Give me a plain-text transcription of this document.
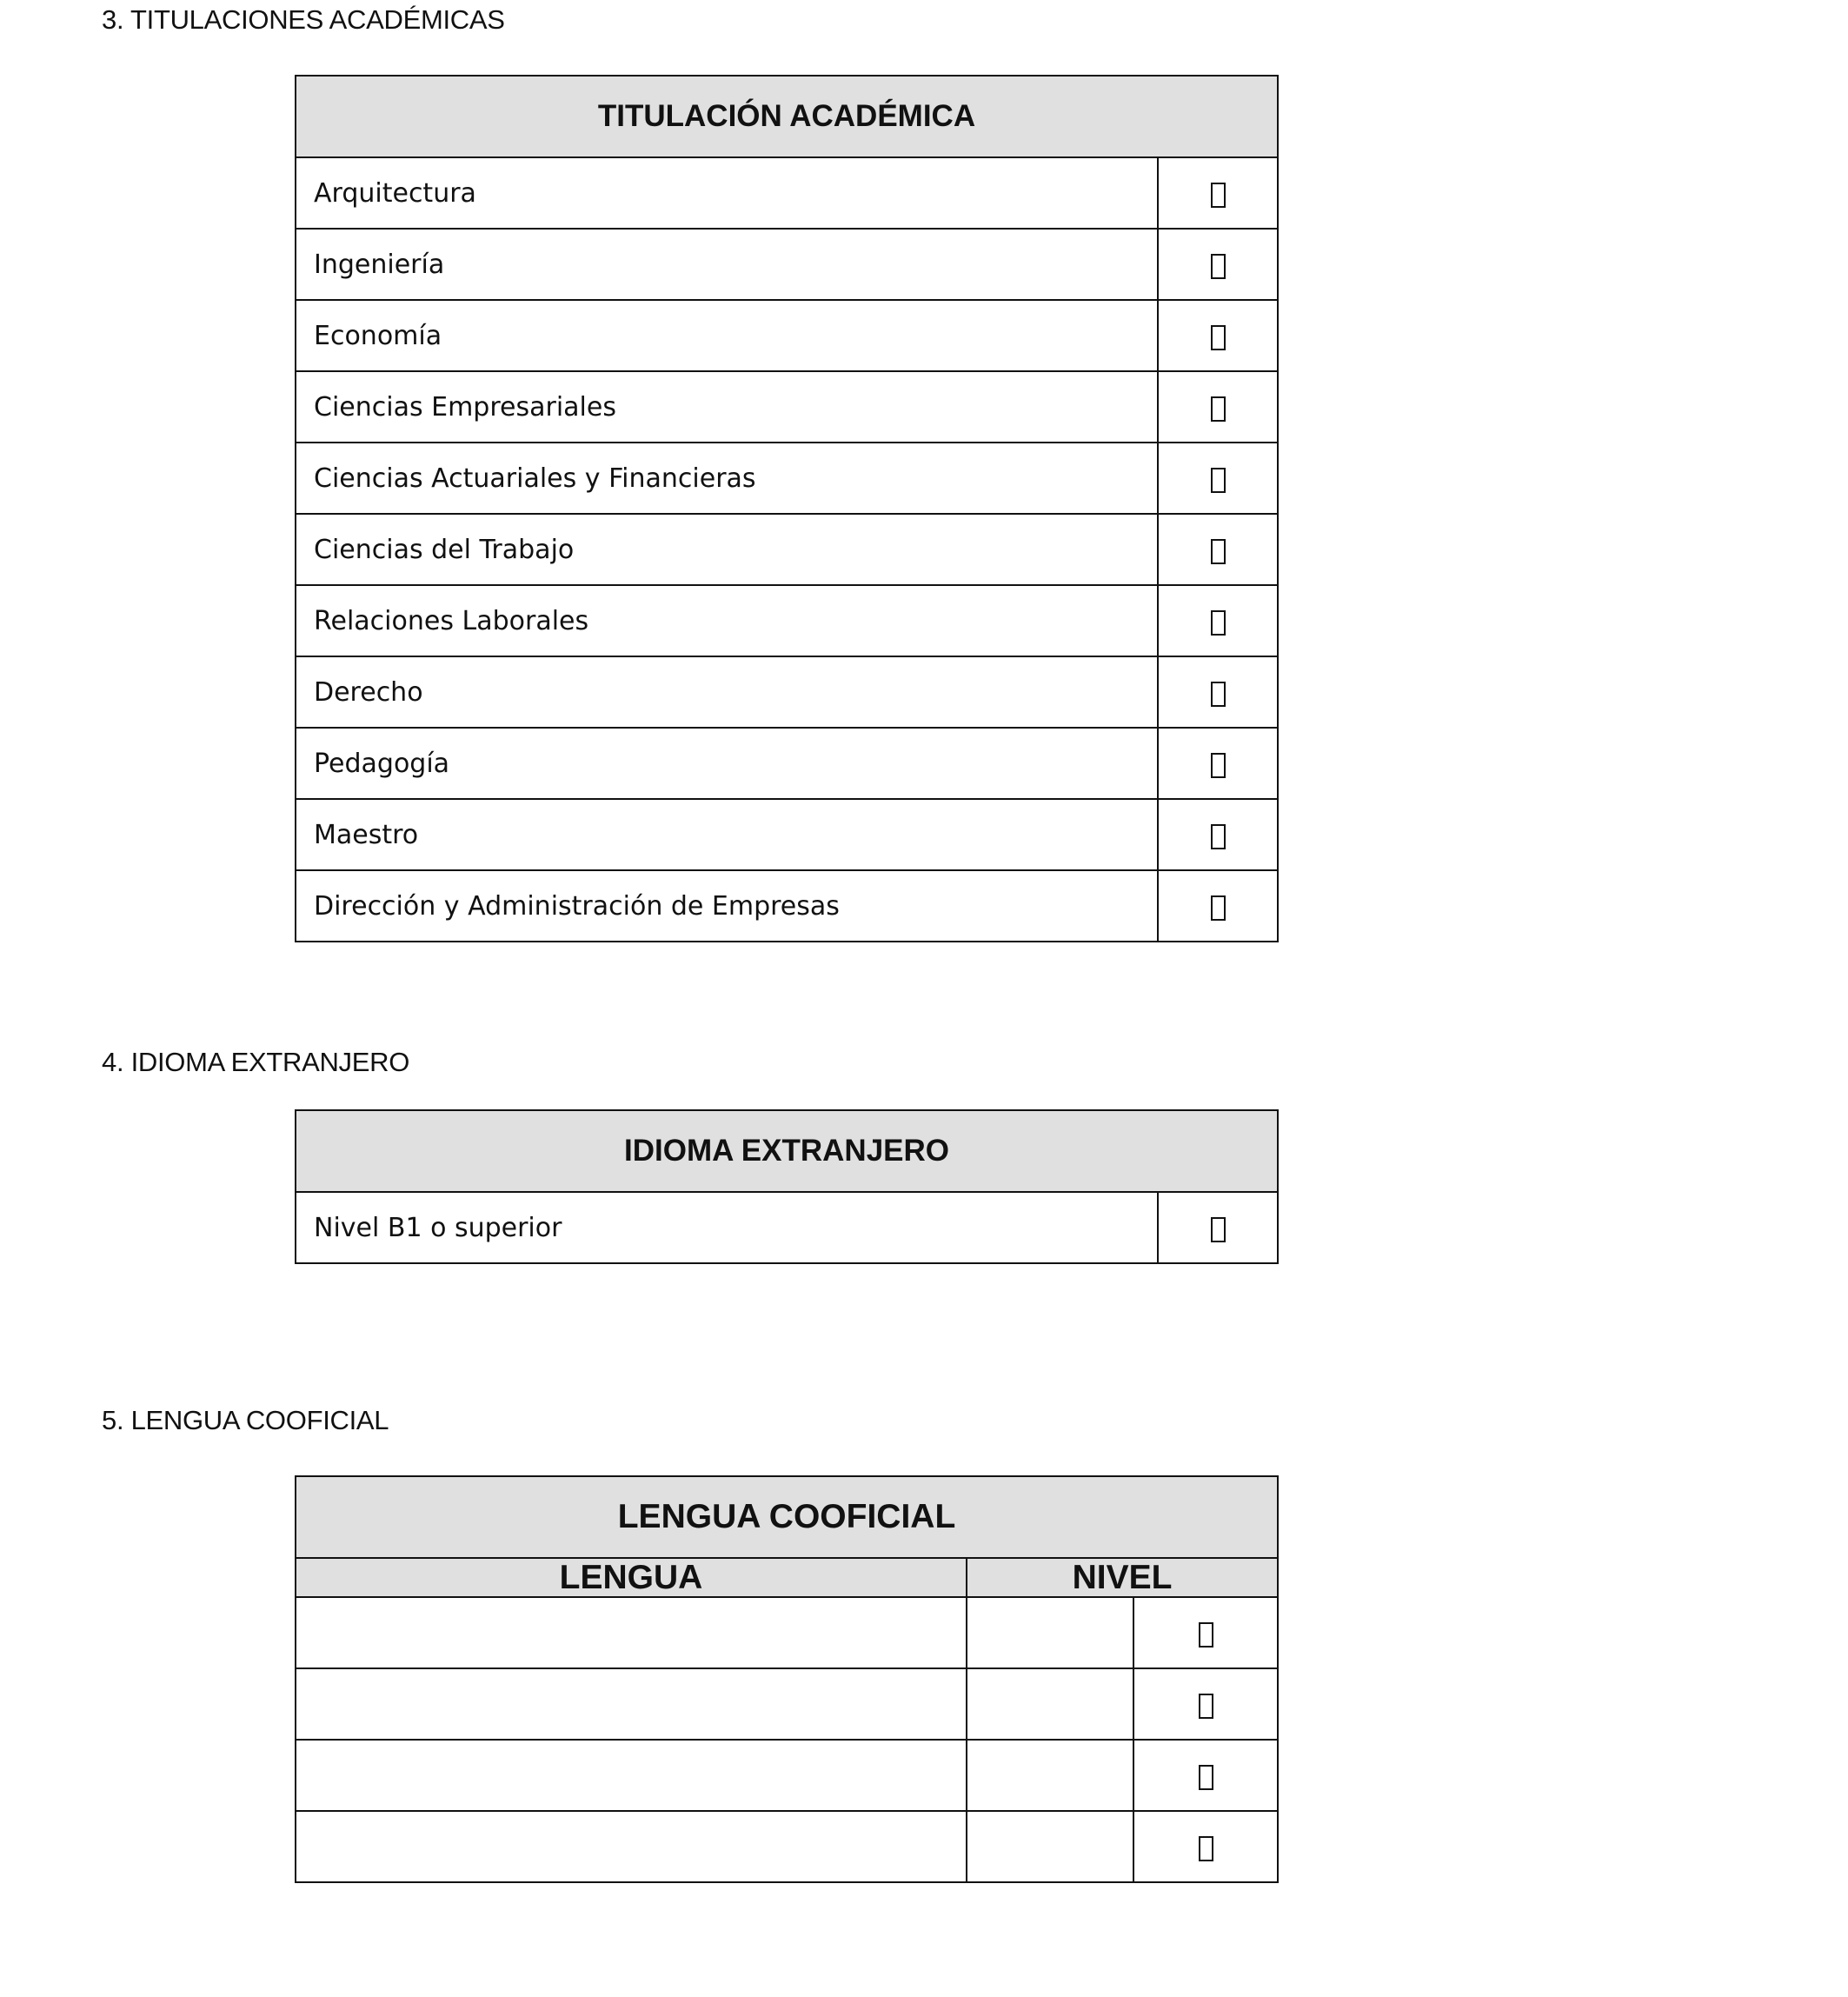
3. TITULACIONES ACADÉMICAS
TITULACIÓN ACADÉMICA	
Arquitectura	
Ingeniería	
Economía	
Ciencias Empresariales	
Ciencias Actuariales y Financieras	
Ciencias del Trabajo	
Relaciones Laborales	
Derecho	
Pedagogía	
Maestro	
Dirección y Administración de Empresas	
4. IDIOMA EXTRANJERO
IDIOMA EXTRANJERO
Nivel B1 o superior	
5. LENGUA COOFICIAL
LENGUA COOFICIAL		
LENGUA	NIVEL	
